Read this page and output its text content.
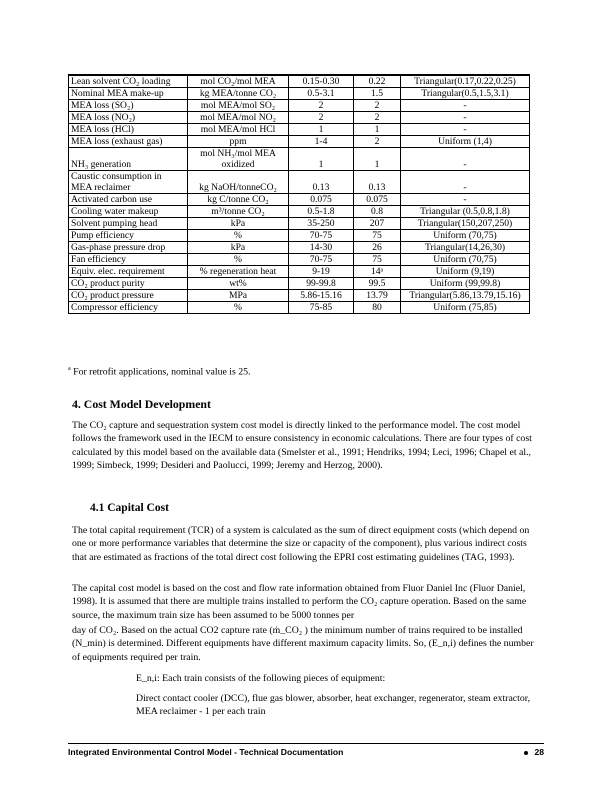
Lean solvent CO₂ loading	mol CO₂/mol MEA	0.15-0.30	0.22	Triangular(0.17,0.22,0.25)
Nominal MEA make-up	kg MEA/tonne CO₂	0.5-3.1	1.5	Triangular(0.5,1.5,3.1)
MEA loss (SO₂)	mol MEA/mol SO₂	2	2	-
MEA loss (NO₂)	mol MEA/mol NO₂	2	2	-
MEA loss (HCl)	mol MEA/mol HCl	1	1	-
MEA loss (exhaust gas)	ppm	1-4	2	Uniform (1,4)
NH₃ generation	mol NH₃/mol MEA oxidized	1	1	-
Caustic consumption in MEA reclaimer	kg NaOH/tonneCO₂	0.13	0.13	-
Activated carbon use	kg C/tonne CO₂	0.075	0.075	-
Cooling water makeup	m³/tonne CO₂	0.5-1.8	0.8	Triangular (0.5,0.8,1.8)
Solvent pumping head	kPa	35-250	207	Triangular(150,207,250)
Pump efficiency	%	70-75	75	Uniform (70,75)
Gas-phase pressure drop	kPa	14-30	26	Triangular(14,26,30)
Fan efficiency	%	70-75	75	Uniform (70,75)
Equiv. elec. requirement	% regeneration heat	9-19	14ᵃ	Uniform (9,19)
CO₂ product purity	wt%	99-99.8	99.5	Uniform (99,99.8)
CO₂ product pressure	MPa	5.86-15.16	13.79	Triangular(5.86,13.79,15.16)
Compressor efficiency	%	75-85	80	Uniform (75,85)
$^a$ For retrofit applications, nominal value is 25.
4. Cost Model Development

The CO₂ capture and sequestration system cost model is directly linked to the performance model. The cost model follows the framework used in the IECM to ensure consistency in economic calculations. There are four types of cost calculated by this model based on the available data (Smelster et al., 1991; Hendriks, 1994; Leci, 1996; Chapel et al., 1999; Simbeck, 1999; Desideri and Paolucci, 1999; Jeremy and Herzog, 2000).

4.1 Capital Cost

The total capital requirement (TCR) of a system is calculated as the sum of direct equipment costs (which depend on one or more performance variables that determine the size or capacity of the component), plus various indirect costs that are estimated as fractions of the total direct cost following the EPRI cost estimating guidelines (TAG, 1993).

The capital cost model is based on the cost and flow rate information obtained from Fluor Daniel Inc (Fluor Daniel, 1998). It is assumed that there are multiple trains installed to perform the CO₂ capture operation. Based on the same source, the maximum train size has been assumed to be 5000 tonnes per

day of CO₂. Based on the actual CO2 capture rate (ṁ_CO₂ ) the minimum number of trains required to be installed (N_min) is determined. Different equipments have different maximum capacity limits. So, (E_n,i) defines the number of equipments required per train.

E_n,i: Each train consists of the following pieces of equipment:

Direct contact cooler (DCC), flue gas blower, absorber, heat exchanger, regenerator, steam extractor, MEA reclaimer - 1 per each train

Integrated Environmental Control Model - Technical Documentation	28
